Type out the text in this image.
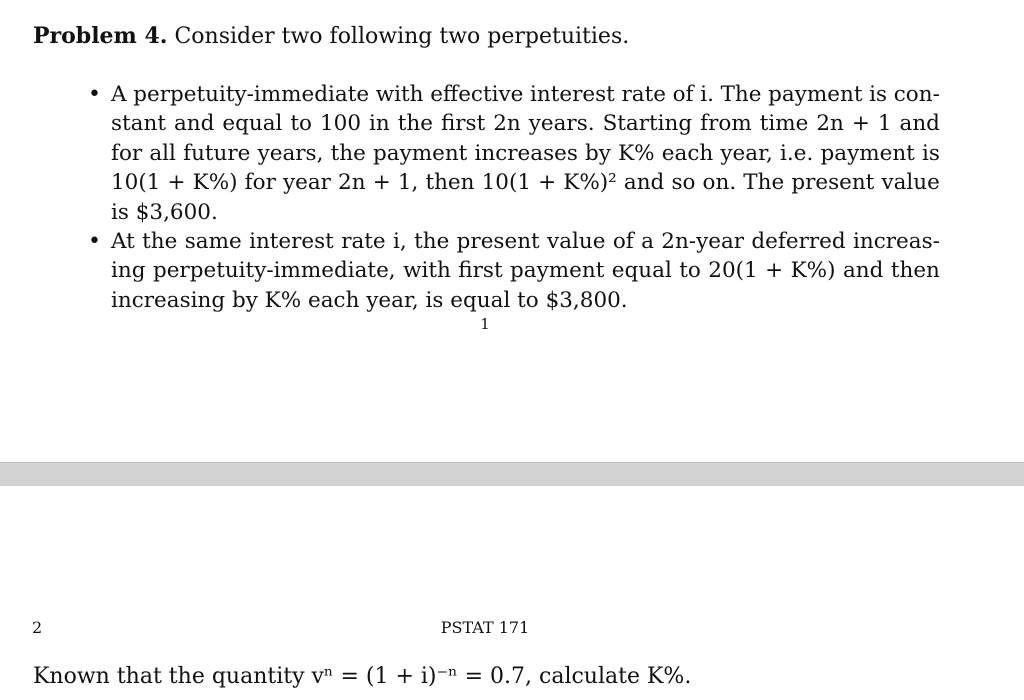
Problem 4. Consider two following two perpetuities.
• A perpetuity-immediate with effective interest rate of i. The payment is con-
stant and equal to 100 in the first 2n years. Starting from time 2n + 1 and
for all future years, the payment increases by K% each year, i.e. payment is
10(1 + K%) for year 2n + 1, then 10(1 + K%)² and so on. The present value
is $3,600.
• At the same interest rate i, the present value of a 2n-year deferred increas-
ing perpetuity-immediate, with first payment equal to 20(1 + K%) and then
increasing by K% each year, is equal to $3,800.
1
2	PSTAT 171
Known that the quantity vⁿ = (1 + i)⁻ⁿ = 0.7, calculate K%.
